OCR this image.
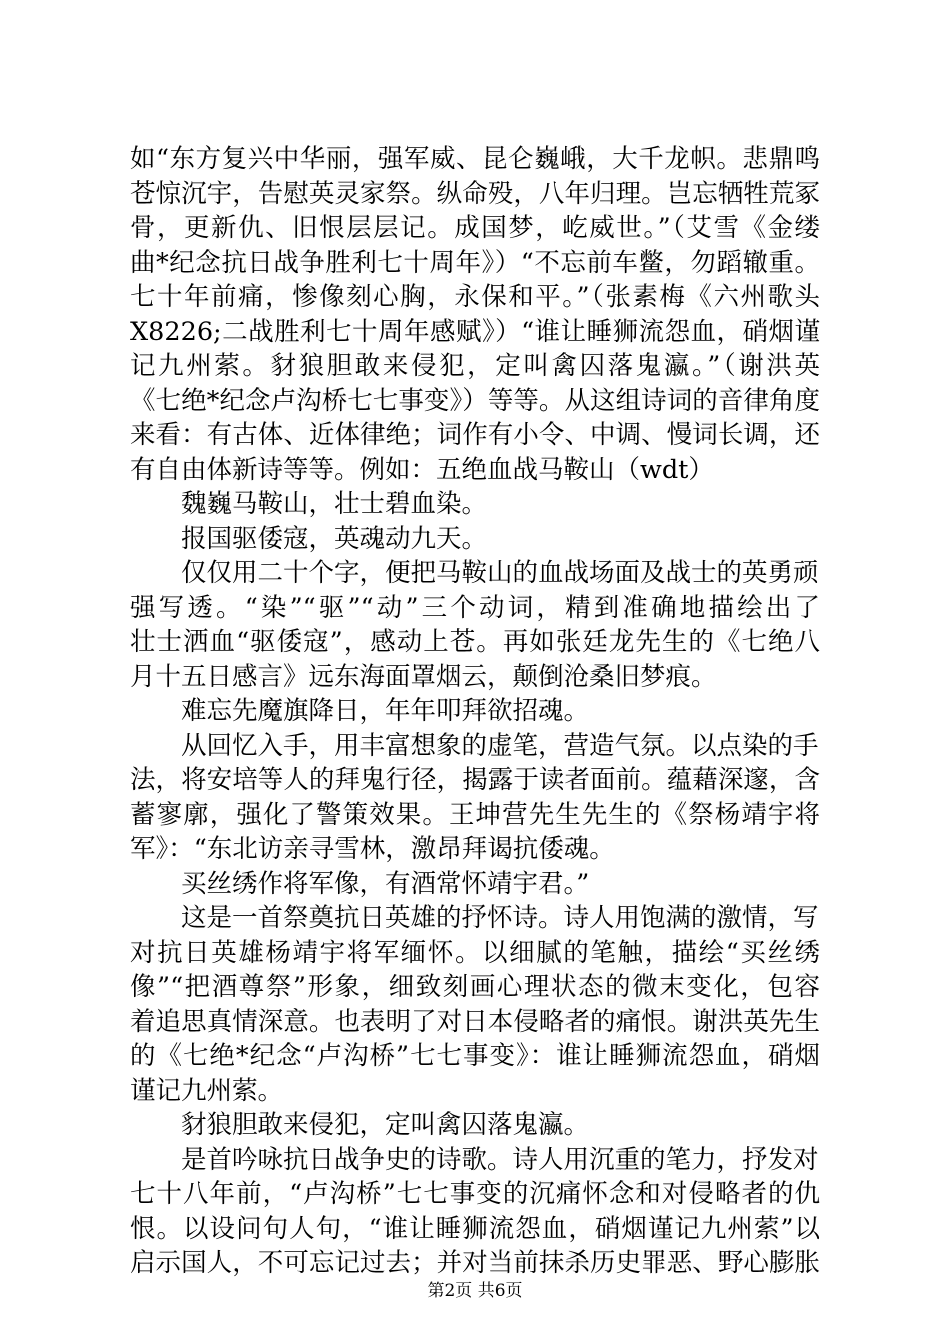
如“东方复兴中华丽，强军威、昆仑巍峨，大千龙帜。悲鼎鸣
苍惊沉宇，告慰英灵家祭。纵命殁，八年归理。岂忘牺牲荒冢
骨，更新仇、旧恨层层记。成国梦，屹威世。”（艾雪《金缕
曲*纪念抗日战争胜利七十周年》）“不忘前车鳖，勿蹈辙重。
七十年前痛，惨像刻心胸，永保和平。”（张素梅《六州歌头
X8226;二战胜利七十周年感赋》）“谁让睡狮流怨血，硝烟谨
记九州萦。豺狼胆敢来侵犯，定叫禽囚落鬼瀛。”（谢洪英
《七绝*纪念卢沟桥七七事变》）等等。从这组诗词的音律角度
来看：有古体、近体律绝；词作有小令、中调、慢词长调，还
有自由体新诗等等。例如：五绝血战马鞍山（wdt）
魏巍马鞍山，壮士碧血染。
报国驱倭寇，英魂动九天。
仅仅用二十个字，便把马鞍山的血战场面及战士的英勇顽
强写透。“染”“驱”“动”三个动词，精到准确地描绘出了
壮士洒血“驱倭寇”，感动上苍。再如张廷龙先生的《七绝八
月十五日感言》远东海面罩烟云，颠倒沧桑旧梦痕。
难忘先魔旗降日，年年叩拜欲招魂。
从回忆入手，用丰富想象的虚笔，营造气氛。以点染的手
法，将安培等人的拜鬼行径，揭露于读者面前。蕴藉深邃，含
蓄寥廓，强化了警策效果。王坤营先生先生的《祭杨靖宇将
军》：“东北访亲寻雪林，激昂拜谒抗倭魂。
买丝绣作将军像，有酒常怀靖宇君。”
这是一首祭奠抗日英雄的抒怀诗。诗人用饱满的激情，写
对抗日英雄杨靖宇将军缅怀。以细腻的笔触，描绘“买丝绣
像”“把酒尊祭”形象，细致刻画心理状态的微末变化，包容
着追思真情深意。也表明了对日本侵略者的痛恨。谢洪英先生
的《七绝*纪念“卢沟桥”七七事变》：谁让睡狮流怨血，硝烟
谨记九州萦。
豺狼胆敢来侵犯，定叫禽囚落鬼瀛。
是首吟咏抗日战争史的诗歌。诗人用沉重的笔力，抒发对
七十八年前，“卢沟桥”七七事变的沉痛怀念和对侵略者的仇
恨。以设问句人句，“谁让睡狮流怨血，硝烟谨记九州萦”以
启示国人，不可忘记过去；并对当前抹杀历史罪恶、野心膨胀
第2页 共6页
